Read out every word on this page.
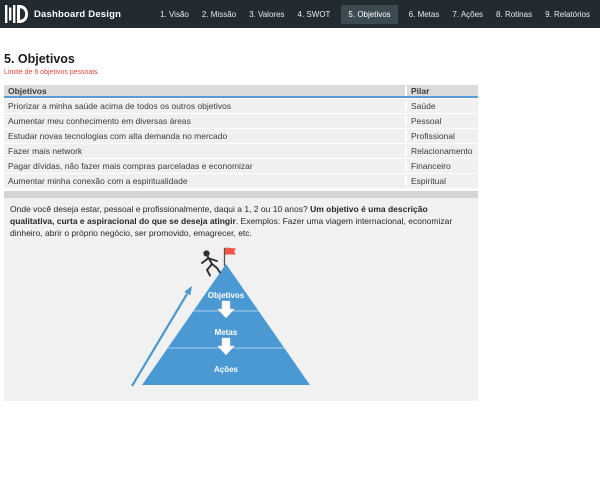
Dashboard Design	1. Visão 2. Missão 3. Valores 4. SWOT	5. Objetivos	6. Metas 7. Ações 8. Rotinas 9. Relatórios
5. Objetivos
Limite de 6 objetivos pessoais.
Objetivos	Pilar
Priorizar a minha saúde acima de todos os outros objetivos	Saúde
Aumentar meu conhecimento em diversas áreas	Pessoal
Estudar novas tecnologias com alta demanda no mercado	Profissional
Fazer mais network	Relacionamento
Pagar dívidas, não fazer mais compras parceladas e economizar	Financeiro
Aumentar minha conexão com a espiritualidade	Espiritual

Onde você deseja estar, pessoal e profissionalmente, daqui a 1, 2 ou 10 anos? Um objetivo é uma descrição qualitativa, curta e aspiracional do que se deseja atingir. Exemplos: Fazer uma viagem internacional, economizar dinheiro, abrir o próprio negócio, ser promovido, emagrecer, etc.

Objetivos
Metas
Ações
